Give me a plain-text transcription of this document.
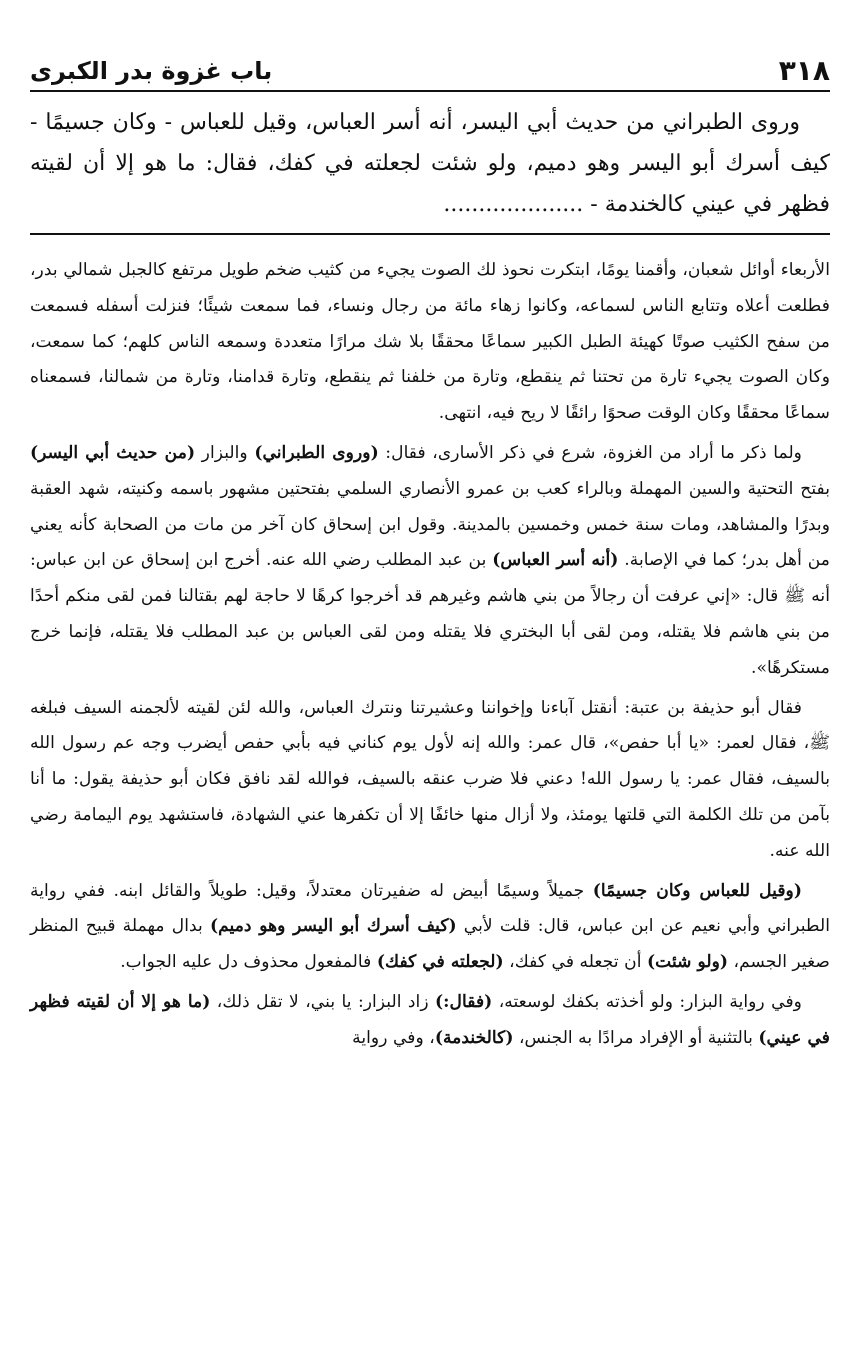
٣١٨
باب غزوة بدر الكبرى

وروى الطبراني من حديث أبي اليسر، أنه أسر العباس، وقيل للعباس - وكان جسيمًا - كيف أسرك أبو اليسر وهو دميم، ولو شئت لجعلته في كفك، فقال: ما هو إلا أن لقيته فظهر في عيني كالخندمة - ....................

الأربعاء أوائل شعبان، وأقمنا يومًا، ابتكرت نحوذ لك الصوت يجيء من كثيب ضخم طويل مرتفع كالجبل شمالي بدر، فطلعت أعلاه وتتابع الناس لسماعه، وكانوا زهاء مائة من رجال ونساء، فما سمعت شيئًا؛ فنزلت أسفله فسمعت من سفح الكثيب صوتًا كهيئة الطبل الكبير سماعًا محققًا بلا شك مرارًا متعددة وسمعه الناس كلهم؛ كما سمعت، وكان الصوت يجيء تارة من تحتنا ثم ينقطع، وتارة من خلفنا ثم ينقطع، وتارة قدامنا، وتارة من شمالنا، فسمعناه سماعًا محققًا وكان الوقت صحوًا رائقًا لا ريح فيه، انتهى.

ولما ذكر ما أراد من الغزوة، شرع في ذكر الأسارى، فقال: (وروى الطبراني) والبزار (من حديث أبي اليسر) بفتح التحتية والسين المهملة وبالراء كعب بن عمرو الأنصاري السلمي بفتحتين مشهور باسمه وكنيته، شهد العقبة وبدرًا والمشاهد، ومات سنة خمس وخمسين بالمدينة. وقول ابن إسحاق كان آخر من مات من الصحابة كأنه يعني من أهل بدر؛ كما في الإصابة. (أنه أسر العباس) بن عبد المطلب رضي الله عنه. أخرج ابن إسحاق عن ابن عباس: أنه ﷺ قال: «إني عرفت أن رجالاً من بني هاشم وغيرهم قد أخرجوا كرهًا لا حاجة لهم بقتالنا فمن لقى منكم أحدًا من بني هاشم فلا يقتله، ومن لقى أبا البختري فلا يقتله ومن لقى العباس بن عبد المطلب فلا يقتله، فإنما خرج مستكرهًا».

فقال أبو حذيفة بن عتبة: أنقتل آباءنا وإخواننا وعشيرتنا ونترك العباس، والله لئن لقيته لألجمنه السيف فبلغه ﷺ، فقال لعمر: «يا أبا حفص»، قال عمر: والله إنه لأول يوم كناني فيه بأبي حفص أيضرب وجه عم رسول الله بالسيف، فقال عمر: يا رسول الله! دعني فلا ضرب عنقه بالسيف، فوالله لقد نافق فكان أبو حذيفة يقول: ما أنا بآمن من تلك الكلمة التي قلتها يومئذ، ولا أزال منها خائفًا إلا أن تكفرها عني الشهادة، فاستشهد يوم اليمامة رضي الله عنه.

(وقيل للعباس وكان جسيمًا) جميلاً وسيمًا أبيض له ضفيرتان معتدلاً، وقيل: طويلاً والقائل ابنه. ففي رواية الطبراني وأبي نعيم عن ابن عباس، قال: قلت لأبي (كيف أسرك أبو اليسر وهو دميم) بدال مهملة قبيح المنظر صغير الجسم، (ولو شئت) أن تجعله في كفك، (لجعلته في كفك) فالمفعول محذوف دل عليه الجواب.

وفي رواية البزار: ولو أخذته بكفك لوسعته، (فقال:) زاد البزار: يا بني، لا تقل ذلك، (ما هو إلا أن لقيته فظهر في عيني) بالتثنية أو الإفراد مرادًا به الجنس، (كالخندمة)، وفي رواية
